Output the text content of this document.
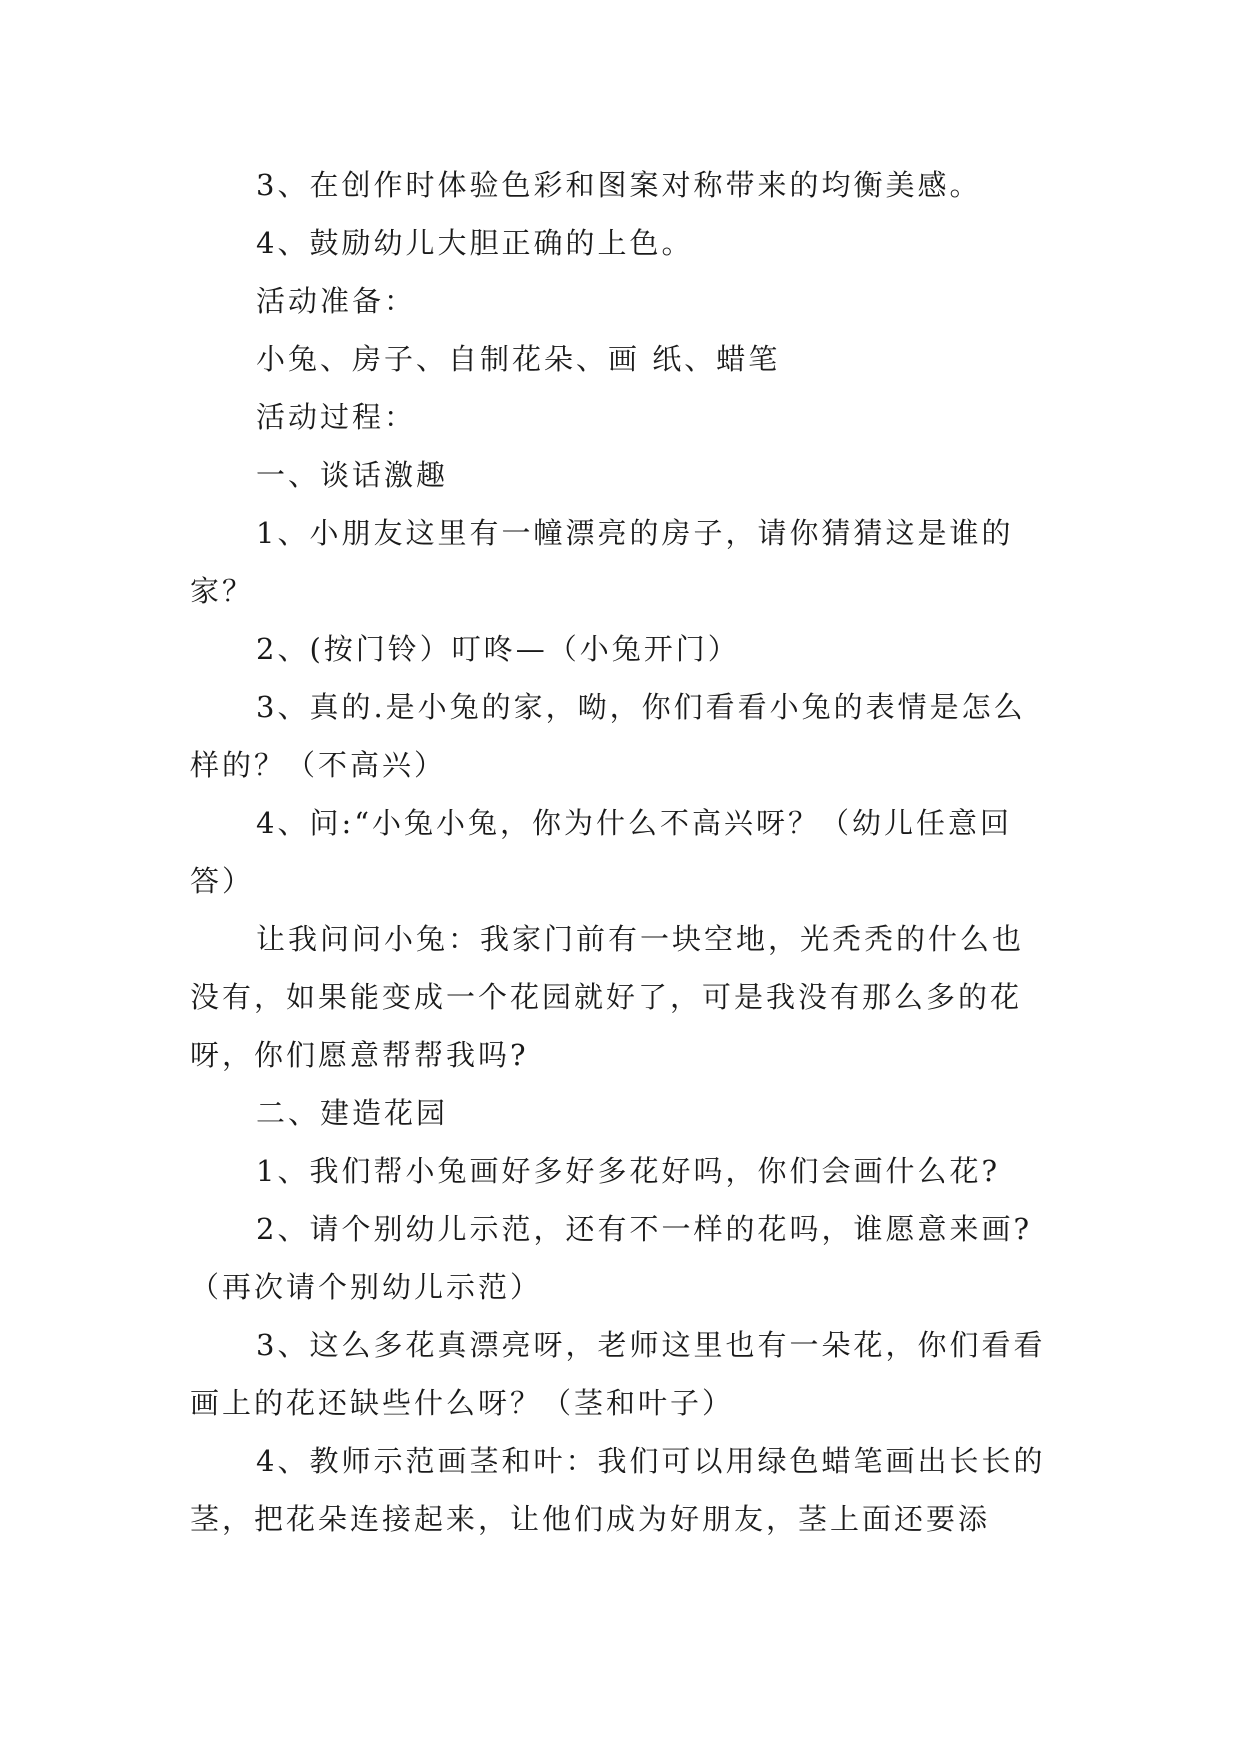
3、在创作时体验色彩和图案对称带来的均衡美感。

4、鼓励幼儿大胆正确的上色。

活动准备：

小兔、房子、自制花朵、画 纸、蜡笔

活动过程：

一、谈话激趣

1、小朋友这里有一幢漂亮的房子，请你猜猜这是谁的家？

2、(按门铃）叮咚—（小兔开门）

3、真的.是小兔的家，呦，你们看看小兔的表情是怎么样的？（不高兴）

4、问:“小兔小兔，你为什么不高兴呀？（幼儿任意回答）

让我问问小兔：我家门前有一块空地，光秃秃的什么也没有，如果能变成一个花园就好了，可是我没有那么多的花呀，你们愿意帮帮我吗?

二、建造花园

1、我们帮小兔画好多好多花好吗，你们会画什么花?

2、请个别幼儿示范，还有不一样的花吗，谁愿意来画?（再次请个别幼儿示范）

3、这么多花真漂亮呀，老师这里也有一朵花，你们看看画上的花还缺些什么呀？（茎和叶子）

4、教师示范画茎和叶：我们可以用绿色蜡笔画出长长的茎，把花朵连接起来，让他们成为好朋友，茎上面还要添
